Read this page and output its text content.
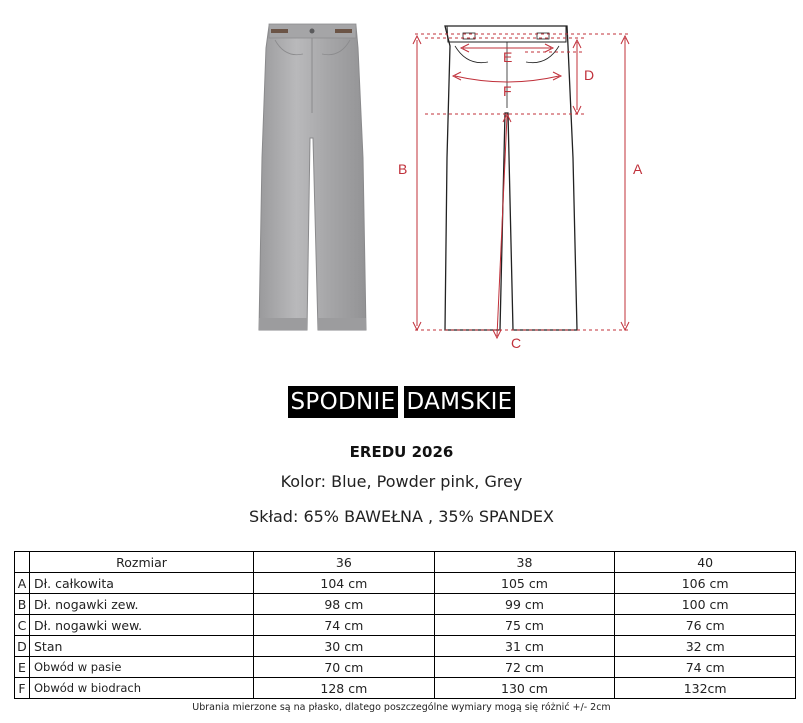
A
B
C
D
E
F
SPODNIE DAMSKIE
EREDU 2026
Kolor: Blue, Powder pink, Grey
Skład: 65% BAWEŁNA , 35% SPANDEX
	Rozmiar	36	38	40
A	Dł. całkowita	104 cm	105 cm	106 cm
B	Dł. nogawki zew.	98 cm	99 cm	100 cm
C	Dł. nogawki wew.	74 cm	75 cm	76 cm
D	Stan	30 cm	31 cm	32 cm
E	Obwód w pasie	70 cm	72 cm	74 cm
F	Obwód w biodrach	128 cm	130 cm	132cm
Ubrania mierzone są na płasko, dlatego poszczególne wymiary mogą się różnić +/- 2cm
